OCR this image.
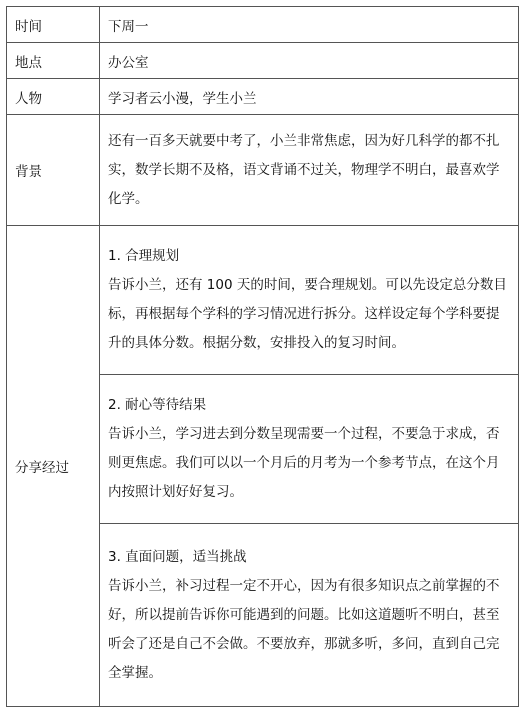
时间	下周一
地点	办公室
人物	学习者云小漫，学生小兰
背景	还有一百多天就要中考了，小兰非常焦虑，因为好几科学的都不扎实，数学长期不及格，语文背诵不过关，物理学不明白，最喜欢学化学。
分享经过	1. 合理规划
告诉小兰，还有 100 天的时间，要合理规划。可以先设定总分数目标，再根据每个学科的学习情况进行拆分。这样设定每个学科要提升的具体分数。根据分数，安排投入的复习时间。

	2. 耐心等待结果
告诉小兰，学习进去到分数呈现需要一个过程，不要急于求成，否则更焦虑。我们可以以一个月后的月考为一个参考节点，在这个月内按照计划好好复习。

	3. 直面问题，适当挑战
告诉小兰，补习过程一定不开心，因为有很多知识点之前掌握的不好，所以提前告诉你可能遇到的问题。比如这道题听不明白，甚至听会了还是自己不会做。不要放弃，那就多听，多问，直到自己完全掌握。
